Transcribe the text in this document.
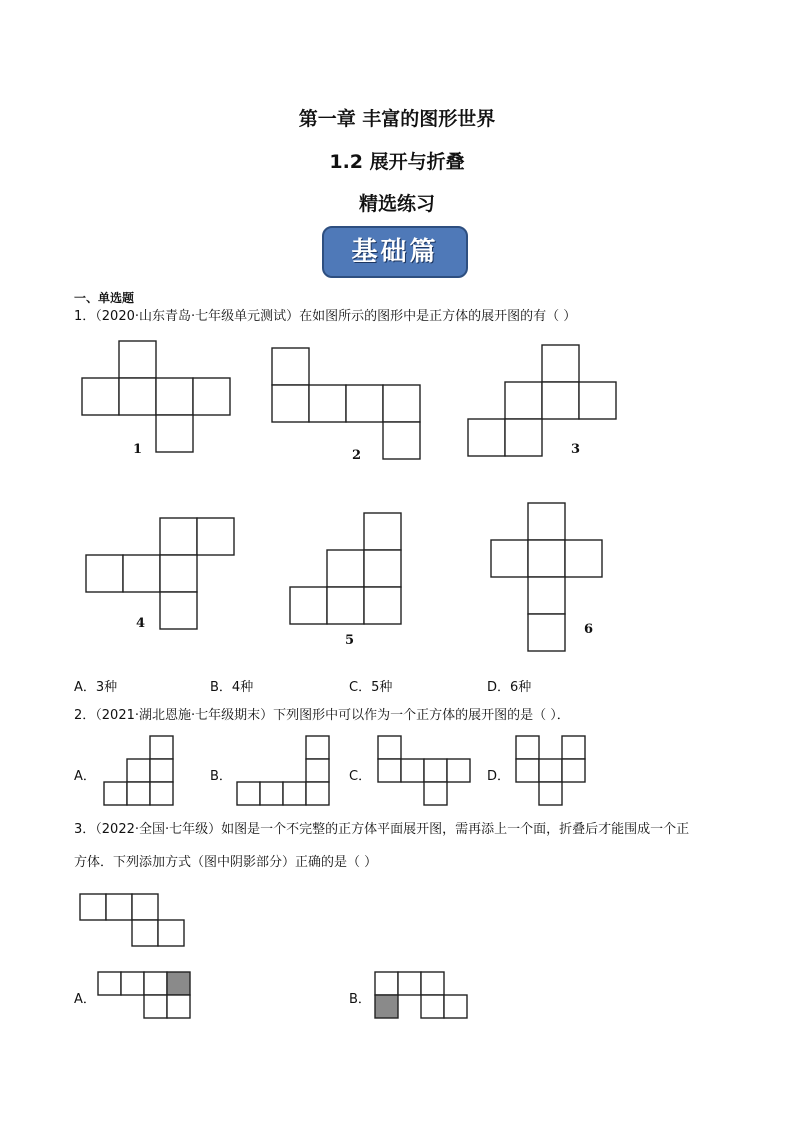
第一章 丰富的图形世界
1.2 展开与折叠
精选练习
基础篇
一、单选题
1．（2020·山东青岛·七年级单元测试）在如图所示的图形中是正方体的展开图的有（ ）
1	2	3
4
5
6
A．3种	B．4种	C．5种	D．6种
2．（2021·湖北恩施·七年级期末）下列图形中可以作为一个正方体的展开图的是（ ）．
A．	B．	C．	D．
3．（2022·全国·七年级）如图是一个不完整的正方体平面展开图，需再添上一个面，折叠后才能围成一个正
方体．下列添加方式（图中阴影部分）正确的是（ ）
A．	B．
